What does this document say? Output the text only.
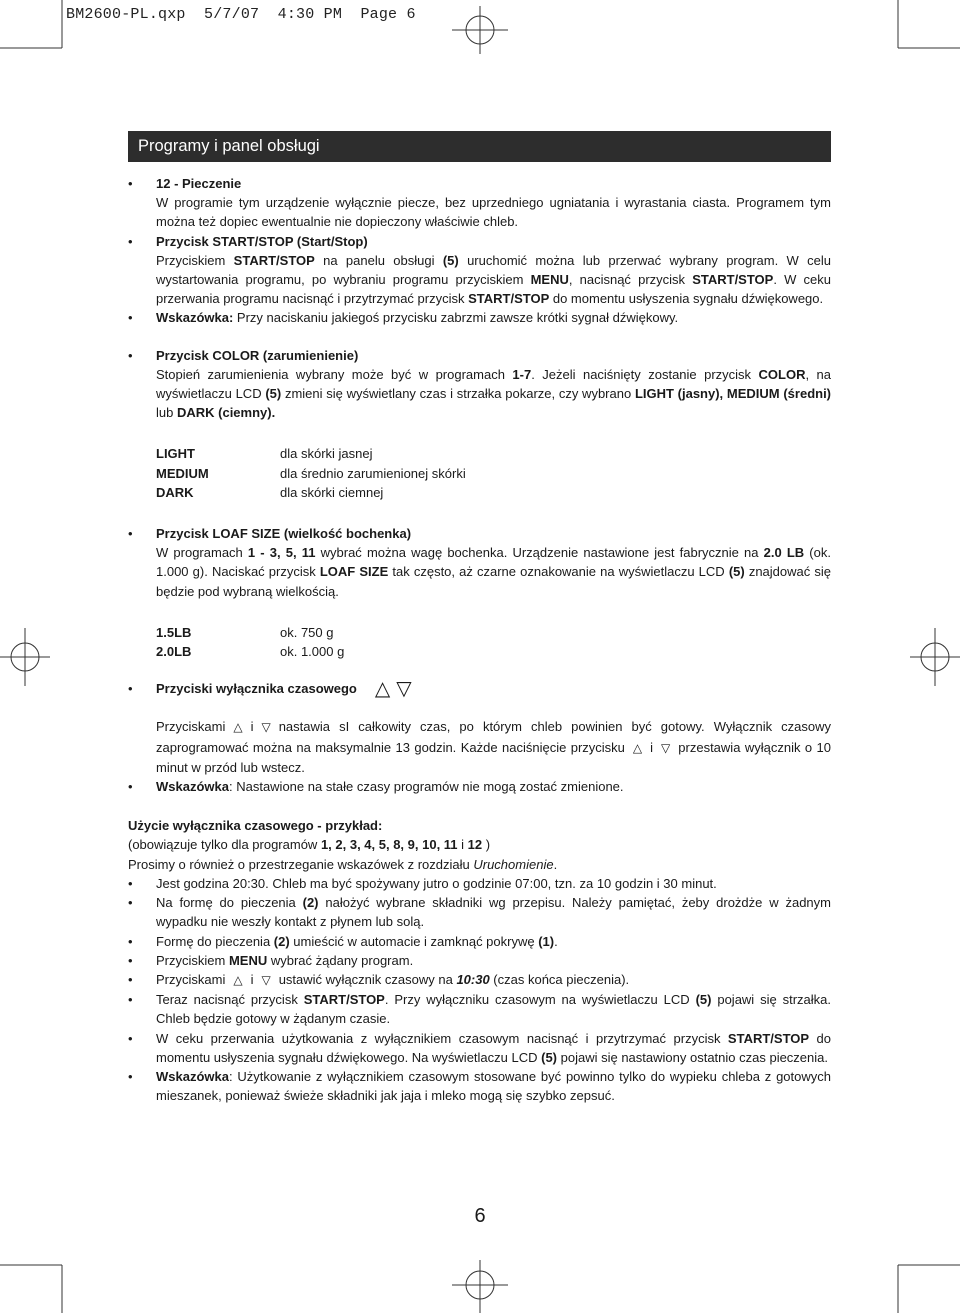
BM2600-PL.qxp  5/7/07  4:30 PM  Page 6
Programy i panel obsługi
• 12 - Pieczenie
W programie tym urządzenie wyłącznie piecze, bez uprzedniego ugniatania i wyrastania ciasta. Programem tym można też dopiec ewentualnie nie dopieczony właściwie chleb.
• Przycisk START/STOP (Start/Stop)
Przyciskiem START/STOP na panelu obsługi (5) uruchomić można lub przerwać wybrany program. W celu wystartowania programu, po wybraniu programu przyciskiem MENU, nacisnąć przycisk START/STOP. W ceku przerwania programu nacisnąć i przytrzymać przycisk START/STOP do momentu usłyszenia sygnału dźwiękowego.
• Wskazówka: Przy naciskaniu jakiegoś przycisku zabrzmi zawsze krótki sygnał dźwiękowy.
• Przycisk COLOR (zarumienienie)
Stopień zarumienienia wybrany może być w programach 1-7. Jeżeli naciśnięty zostanie przycisk COLOR, na wyświetlaczu LCD (5) zmieni się wyświetlany czas i strzałka pokarze, czy wybrano LIGHT (jasny), MEDIUM (średni) lub DARK (ciemny).
LIGHT	dla skórki jasnej
MEDIUM	dla średnio zarumienionej skórki
DARK	dla skórki ciemnej
• Przycisk LOAF SIZE (wielkość bochenka)
W programach 1 - 3, 5, 11 wybrać można wagę bochenka. Urządzenie nastawione jest fabrycznie na 2.0 LB (ok. 1.000 g). Naciskać przycisk LOAF SIZE tak często, aż czarne oznakowanie na wyświetlaczu LCD (5) znajdować się będzie pod wybraną wielkością.
1.5LB	ok. 750 g
2.0LB	ok. 1.000 g
• Przyciski wyłącznika czasowego △▽

• Przyciskami △ i ▽ nastawia sI całkowity czas, po którym chleb powinien być gotowy. Wyłącznik czasowy zaprogramować można na maksymalnie 13 godzin. Każde naciśnięcie przycisku △ i ▽ przestawia wyłącznik o 10 minut w przód lub wstecz.
• Wskazówka: Nastawione na stałe czasy programów nie mogą zostać zmienione.
Użycie wyłącznika czasowego - przykład:
(obowiązuje tylko dla programów 1, 2, 3, 4, 5, 8, 9, 10, 11 i 12 )
Prosimy o również o przestrzeganie wskazówek z rozdziału Uruchomienie.
• Jest godzina 20:30. Chleb ma być spożywany jutro o godzinie 07:00, tzn. za 10 godzin i 30 minut.
• Na formę do pieczenia (2) nałożyć wybrane składniki wg przepisu. Należy pamiętać, żeby drożdże w żadnym wypadku nie weszły kontakt z płynem lub solą.
• Formę do pieczenia (2) umieścić w automacie i zamknąć pokrywę (1).
• Przyciskiem MENU wybrać żądany program.
• Przyciskami △ i ▽ ustawić wyłącznik czasowy na 10:30 (czas końca pieczenia).
• Teraz nacisnąć przycisk START/STOP. Przy wyłączniku czasowym na wyświetlaczu LCD (5) pojawi się strzałka. Chleb będzie gotowy w żądanym czasie.
• W ceku przerwania użytkowania z wyłącznikiem czasowym nacisnąć i przytrzymać przycisk START/STOP do momentu usłyszenia sygnału dźwiękowego. Na wyświetlaczu LCD (5) pojawi się nastawiony ostatnio czas pieczenia.
• Wskazówka: Użytkowanie z wyłącznikiem czasowym stosowane być powinno tylko do wypieku chleba z gotowych mieszanek, ponieważ świeże składniki jak jaja i mleko mogą się szybko zepsuć.
6
